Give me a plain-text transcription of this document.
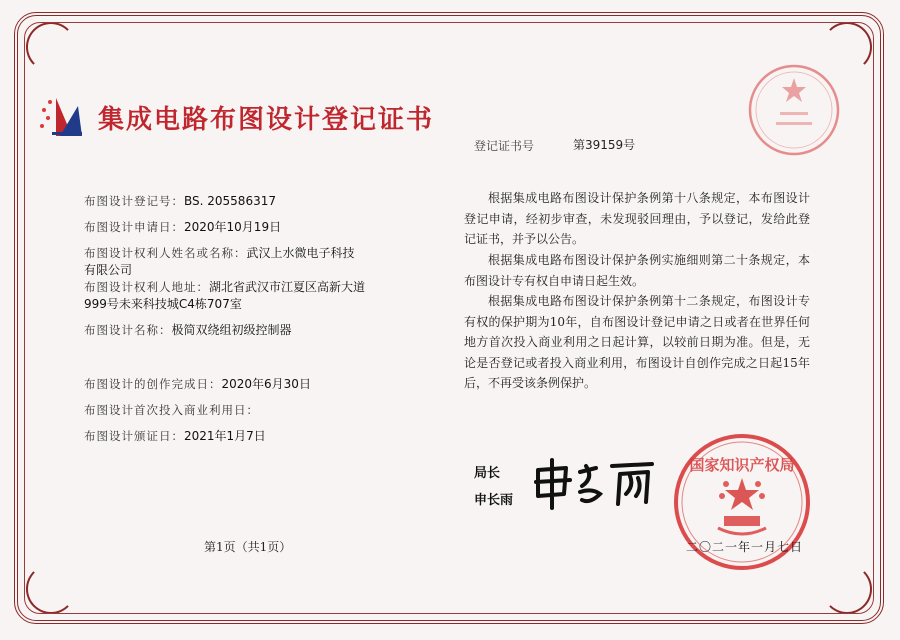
集成电路布图设计登记证书
登记证书号	第39159号
布图设计登记号：BS. 205586317
布图设计申请日：2020年10月19日
布图设计权利人姓名或名称：武汉上水微电子科技有限公司
布图设计权利人地址：湖北省武汉市江夏区高新大道999号未来科技城C4栋707室
布图设计名称：极简双绕组初级控制器
布图设计的创作完成日：2020年6月30日
布图设计首次投入商业利用日：
布图设计颁证日：2021年1月7日
根据集成电路布图设计保护条例第十八条规定，本布图设计登记申请，经初步审查，未发现驳回理由，予以登记，发给此登记证书，并予以公告。
根据集成电路布图设计保护条例实施细则第二十条规定，本布图设计专有权自申请日起生效。
根据集成电路布图设计保护条例第十二条规定，布图设计专有权的保护期为10年，自布图设计登记申请之日或者在世界任何地方首次投入商业利用之日起计算，以较前日期为准。但是，无论是否登记或者投入商业利用，布图设计自创作完成之日起15年后，不再受该条例保护。
局长
申长雨
国家知识产权局
二〇二一年一月七日
第1页（共1页）
